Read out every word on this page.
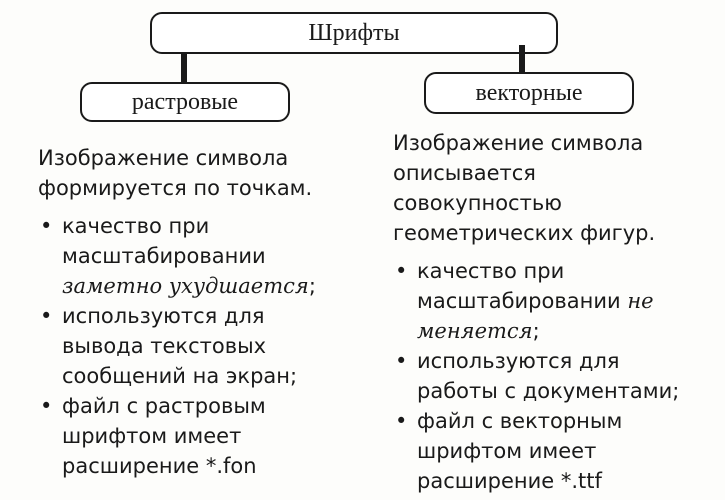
Шрифты
растровые	векторные

Изображение символа формируется по точкам.

• качество при масштабировании заметно ухудшается;
• используются для вывода текстовых сообщений на экран;
• файл с растровым шрифтом имеет расширение *.fon

Изображение символа описывается совокупностью геометрических фигур.

• качество при масштабировании не меняется;
• используются для работы с документами;
• файл с векторным шрифтом имеет расширение *.ttf
